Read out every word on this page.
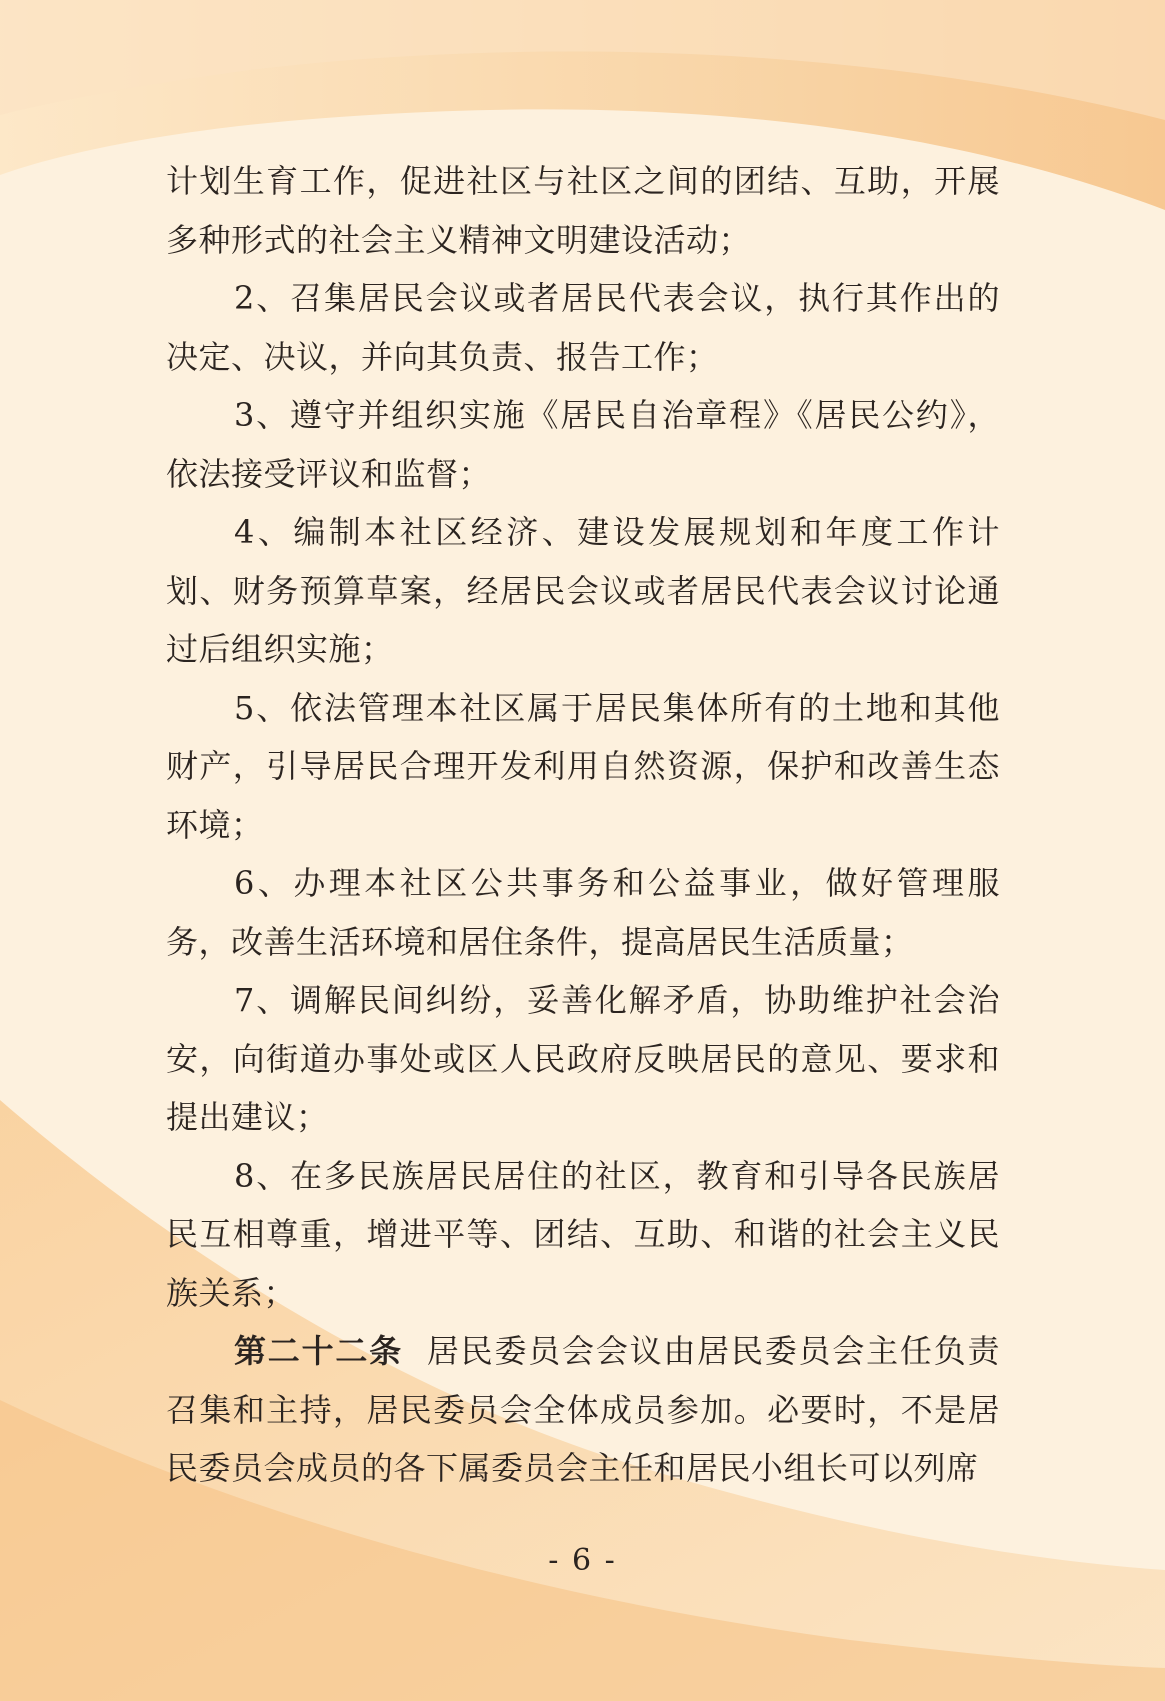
计划生育工作，促进社区与社区之间的团结、互助，开展多种形式的社会主义精神文明建设活动；

2、召集居民会议或者居民代表会议，执行其作出的决定、决议，并向其负责、报告工作；

3、遵守并组织实施《居民自治章程》《居民公约》，依法接受评议和监督；

4、编制本社区经济、建设发展规划和年度工作计划、财务预算草案，经居民会议或者居民代表会议讨论通过后组织实施；

5、依法管理本社区属于居民集体所有的土地和其他财产，引导居民合理开发利用自然资源，保护和改善生态环境；

6、办理本社区公共事务和公益事业，做好管理服务，改善生活环境和居住条件，提高居民生活质量；

7、调解民间纠纷，妥善化解矛盾，协助维护社会治安，向街道办事处或区人民政府反映居民的意见、要求和提出建议；

8、在多民族居民居住的社区，教育和引导各民族居民互相尊重，增进平等、团结、互助、和谐的社会主义民族关系；

第二十二条 居民委员会会议由居民委员会主任负责召集和主持，居民委员会全体成员参加。必要时，不是居民委员会成员的各下属委员会主任和居民小组长可以列席

- 6 -
